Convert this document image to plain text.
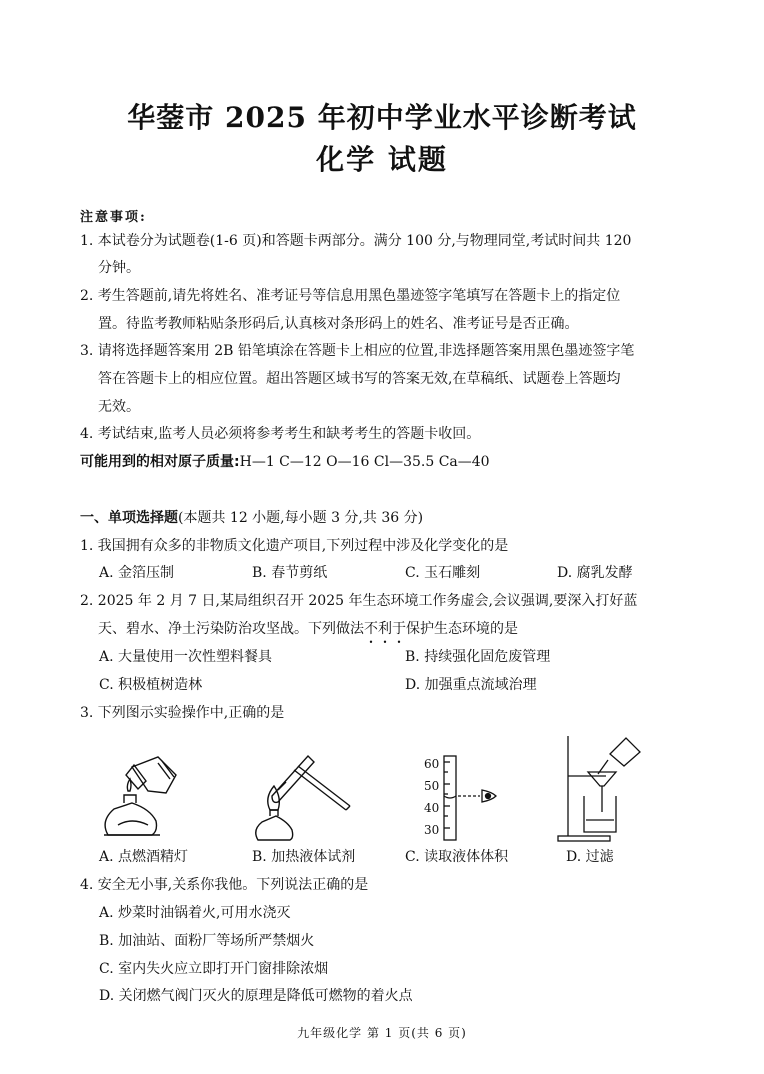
华蓥市 2025 年初中学业水平诊断考试
化学 试题
注意事项:
1. 本试卷分为试题卷(1-6 页)和答题卡两部分。满分 100 分,与物理同堂,考试时间共 120
分钟。
2. 考生答题前,请先将姓名、准考证号等信息用黑色墨迹签字笔填写在答题卡上的指定位
置。待监考教师粘贴条形码后,认真核对条形码上的姓名、准考证号是否正确。
3. 请将选择题答案用 2B 铅笔填涂在答题卡上相应的位置,非选择题答案用黑色墨迹签字笔
答在答题卡上的相应位置。超出答题区域书写的答案无效,在草稿纸、试题卷上答题均
无效。
4. 考试结束,监考人员必须将参考考生和缺考考生的答题卡收回。
可能用到的相对原子质量:H—1 C—12 O—16 Cl—35.5 Ca—40
一、单项选择题(本题共 12 小题,每小题 3 分,共 36 分)
1. 我国拥有众多的非物质文化遗产项目,下列过程中涉及化学变化的是
A. 金箔压制	B. 春节剪纸	C. 玉石雕刻	D. 腐乳发酵
2. 2025 年 2 月 7 日,某局组织召开 2025 年生态环境工作务虚会,会议强调,要深入打好蓝
天、碧水、净土污染防治攻坚战。下列做法不利于保护生态环境的是
A. 大量使用一次性塑料餐具	B. 持续强化固危废管理
C. 积极植树造林	D. 加强重点流域治理
3. 下列图示实验操作中,正确的是
60
50
40
30
A. 点燃酒精灯	B. 加热液体试剂	C. 读取液体体积	D. 过滤
4. 安全无小事,关系你我他。下列说法正确的是
A. 炒菜时油锅着火,可用水浇灭
B. 加油站、面粉厂等场所严禁烟火
C. 室内失火应立即打开门窗排除浓烟
D. 关闭燃气阀门灭火的原理是降低可燃物的着火点
九年级化学 第 1 页(共 6 页)
